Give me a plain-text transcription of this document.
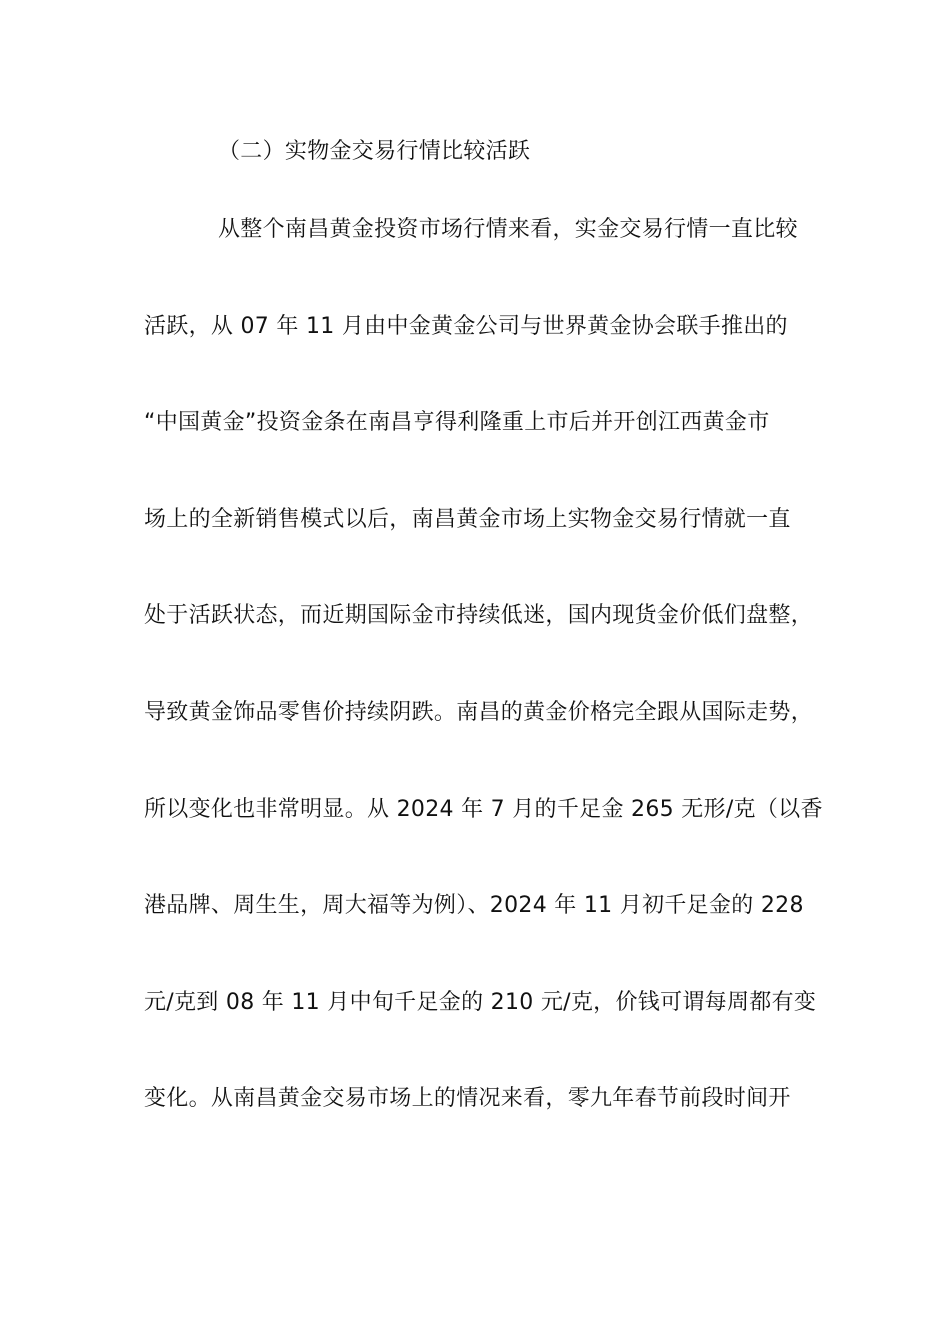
（二）实物金交易行情比较活跃
从整个南昌黄金投资市场行情来看，实金交易行情一直比较
活跃，从 07 年 11 月由中金黄金公司与世界黄金协会联手推出的
“中国黄金”投资金条在南昌亨得利隆重上市后并开创江西黄金市
场上的全新销售模式以后，南昌黄金市场上实物金交易行情就一直
处于活跃状态，而近期国际金市持续低迷，国内现货金价低们盘整，
导致黄金饰品零售价持续阴跌。南昌的黄金价格完全跟从国际走势，
所以变化也非常明显。从 2024 年 7 月的千足金 265 无形/克（以香
港品牌、周生生，周大福等为例）、2024 年 11 月初千足金的 228
元/克到 08 年 11 月中旬千足金的 210 元/克，价钱可谓每周都有变
变化。从南昌黄金交易市场上的情况来看，零九年春节前段时间开
